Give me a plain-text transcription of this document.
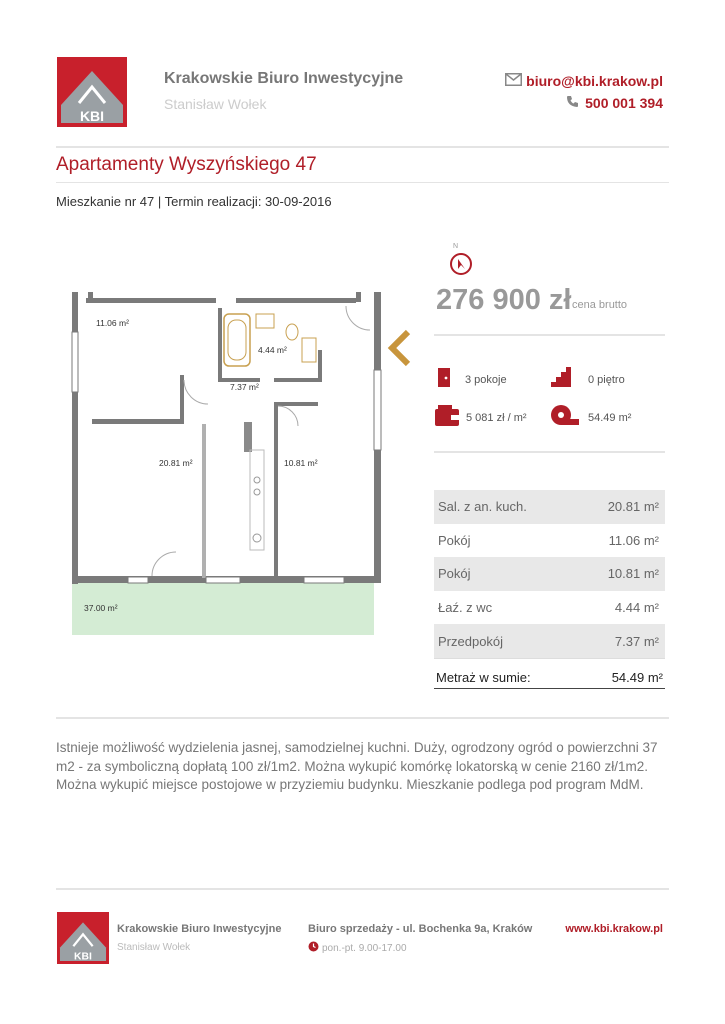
KBI
Krakowskie Biuro Inwestycyjne
Stanisław Wołek
biuro@kbi.krakow.pl
500 001 394
Apartamenty Wyszyńskiego 47
Mieszkanie nr 47 | Termin realizacji: 30-09-2016
11.06 m²
4.44 m²
7.37 m²
20.81 m²	10.81 m²
37.00 m²
N
276 900 zł cena brutto
3 pokoje	0 piętro
5 081 zł / m²	54.49 m²
Sal. z an. kuch.	20.81 m²
Pokój	11.06 m²
Pokój	10.81 m²
Łaź. z wc	4.44 m²
Przedpokój	7.37 m²
Metraż w sumie:	54.49 m²
Istnieje możliwość wydzielenia jasnej, samodzielnej kuchni. Duży, ogrodzony ogród o powierzchni 37 m2 - za symboliczną dopłatą 100 zł/1m2. Można wykupić komórkę lokatorską w cenie 2160 zł/1m2. Można wykupić miejsce postojowe w przyziemiu budynku. Mieszkanie podlega pod program MdM.
KBI
Krakowskie Biuro Inwestycyjne
Stanisław Wołek
Biuro sprzedaży - ul. Bochenka 9a, Kraków
pon.-pt. 9.00-17.00
www.kbi.krakow.pl
